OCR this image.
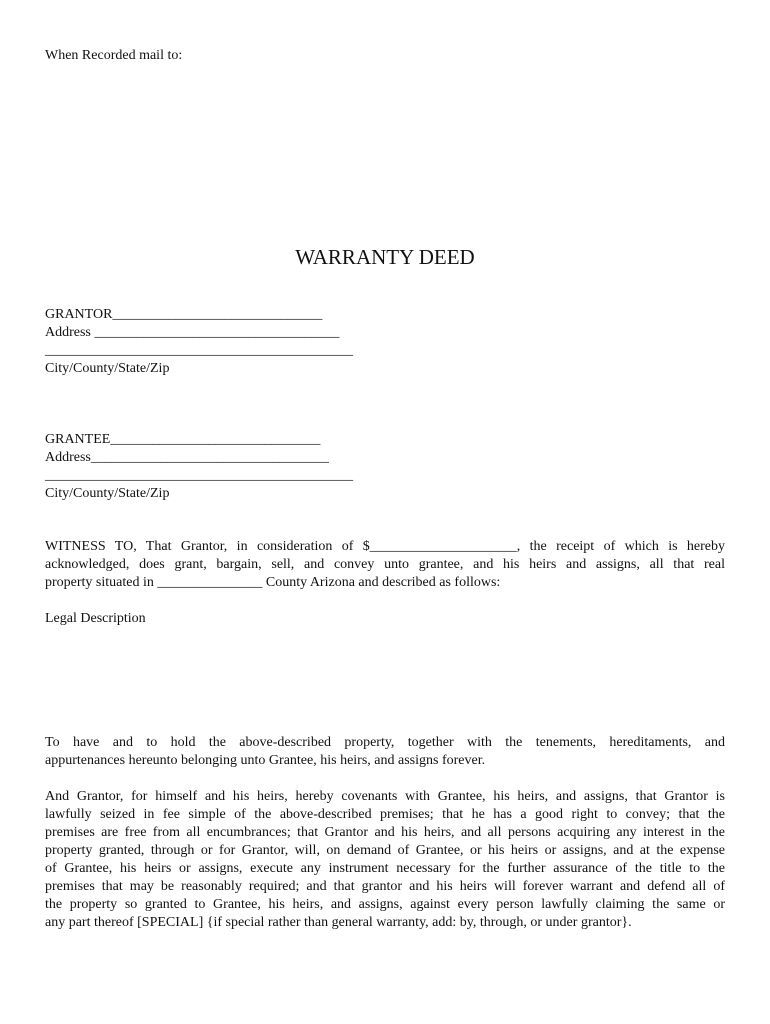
When Recorded mail to:
WARRANTY DEED
GRANTOR______________________________
Address ___________________________________
____________________________________________
City/County/State/Zip
GRANTEE______________________________
Address__________________________________
____________________________________________
City/County/State/Zip
WITNESS TO, That Grantor, in consideration of $_____________________, the receipt of which is hereby
acknowledged, does grant, bargain, sell, and convey unto grantee, and his heirs and assigns, all that real
property situated in _______________ County Arizona and described as follows:
Legal Description
To have and to hold the above-described property, together with the tenements, hereditaments, and
appurtenances hereunto belonging unto Grantee, his heirs, and assigns forever.
And Grantor, for himself and his heirs, hereby covenants with Grantee, his heirs, and assigns, that Grantor is
lawfully seized in fee simple of the above-described premises; that he has a good right to convey; that the
premises are free from all encumbrances; that Grantor and his heirs, and all persons acquiring any interest in the
property granted, through or for Grantor, will, on demand of Grantee, or his heirs or assigns, and at the expense
of Grantee, his heirs or assigns, execute any instrument necessary for the further assurance of the title to the
premises that may be reasonably required; and that grantor and his heirs will forever warrant and defend all of
the property so granted to Grantee, his heirs, and assigns, against every person lawfully claiming the same or
any part thereof [SPECIAL] {if special rather than general warranty, add: by, through, or under grantor}.
